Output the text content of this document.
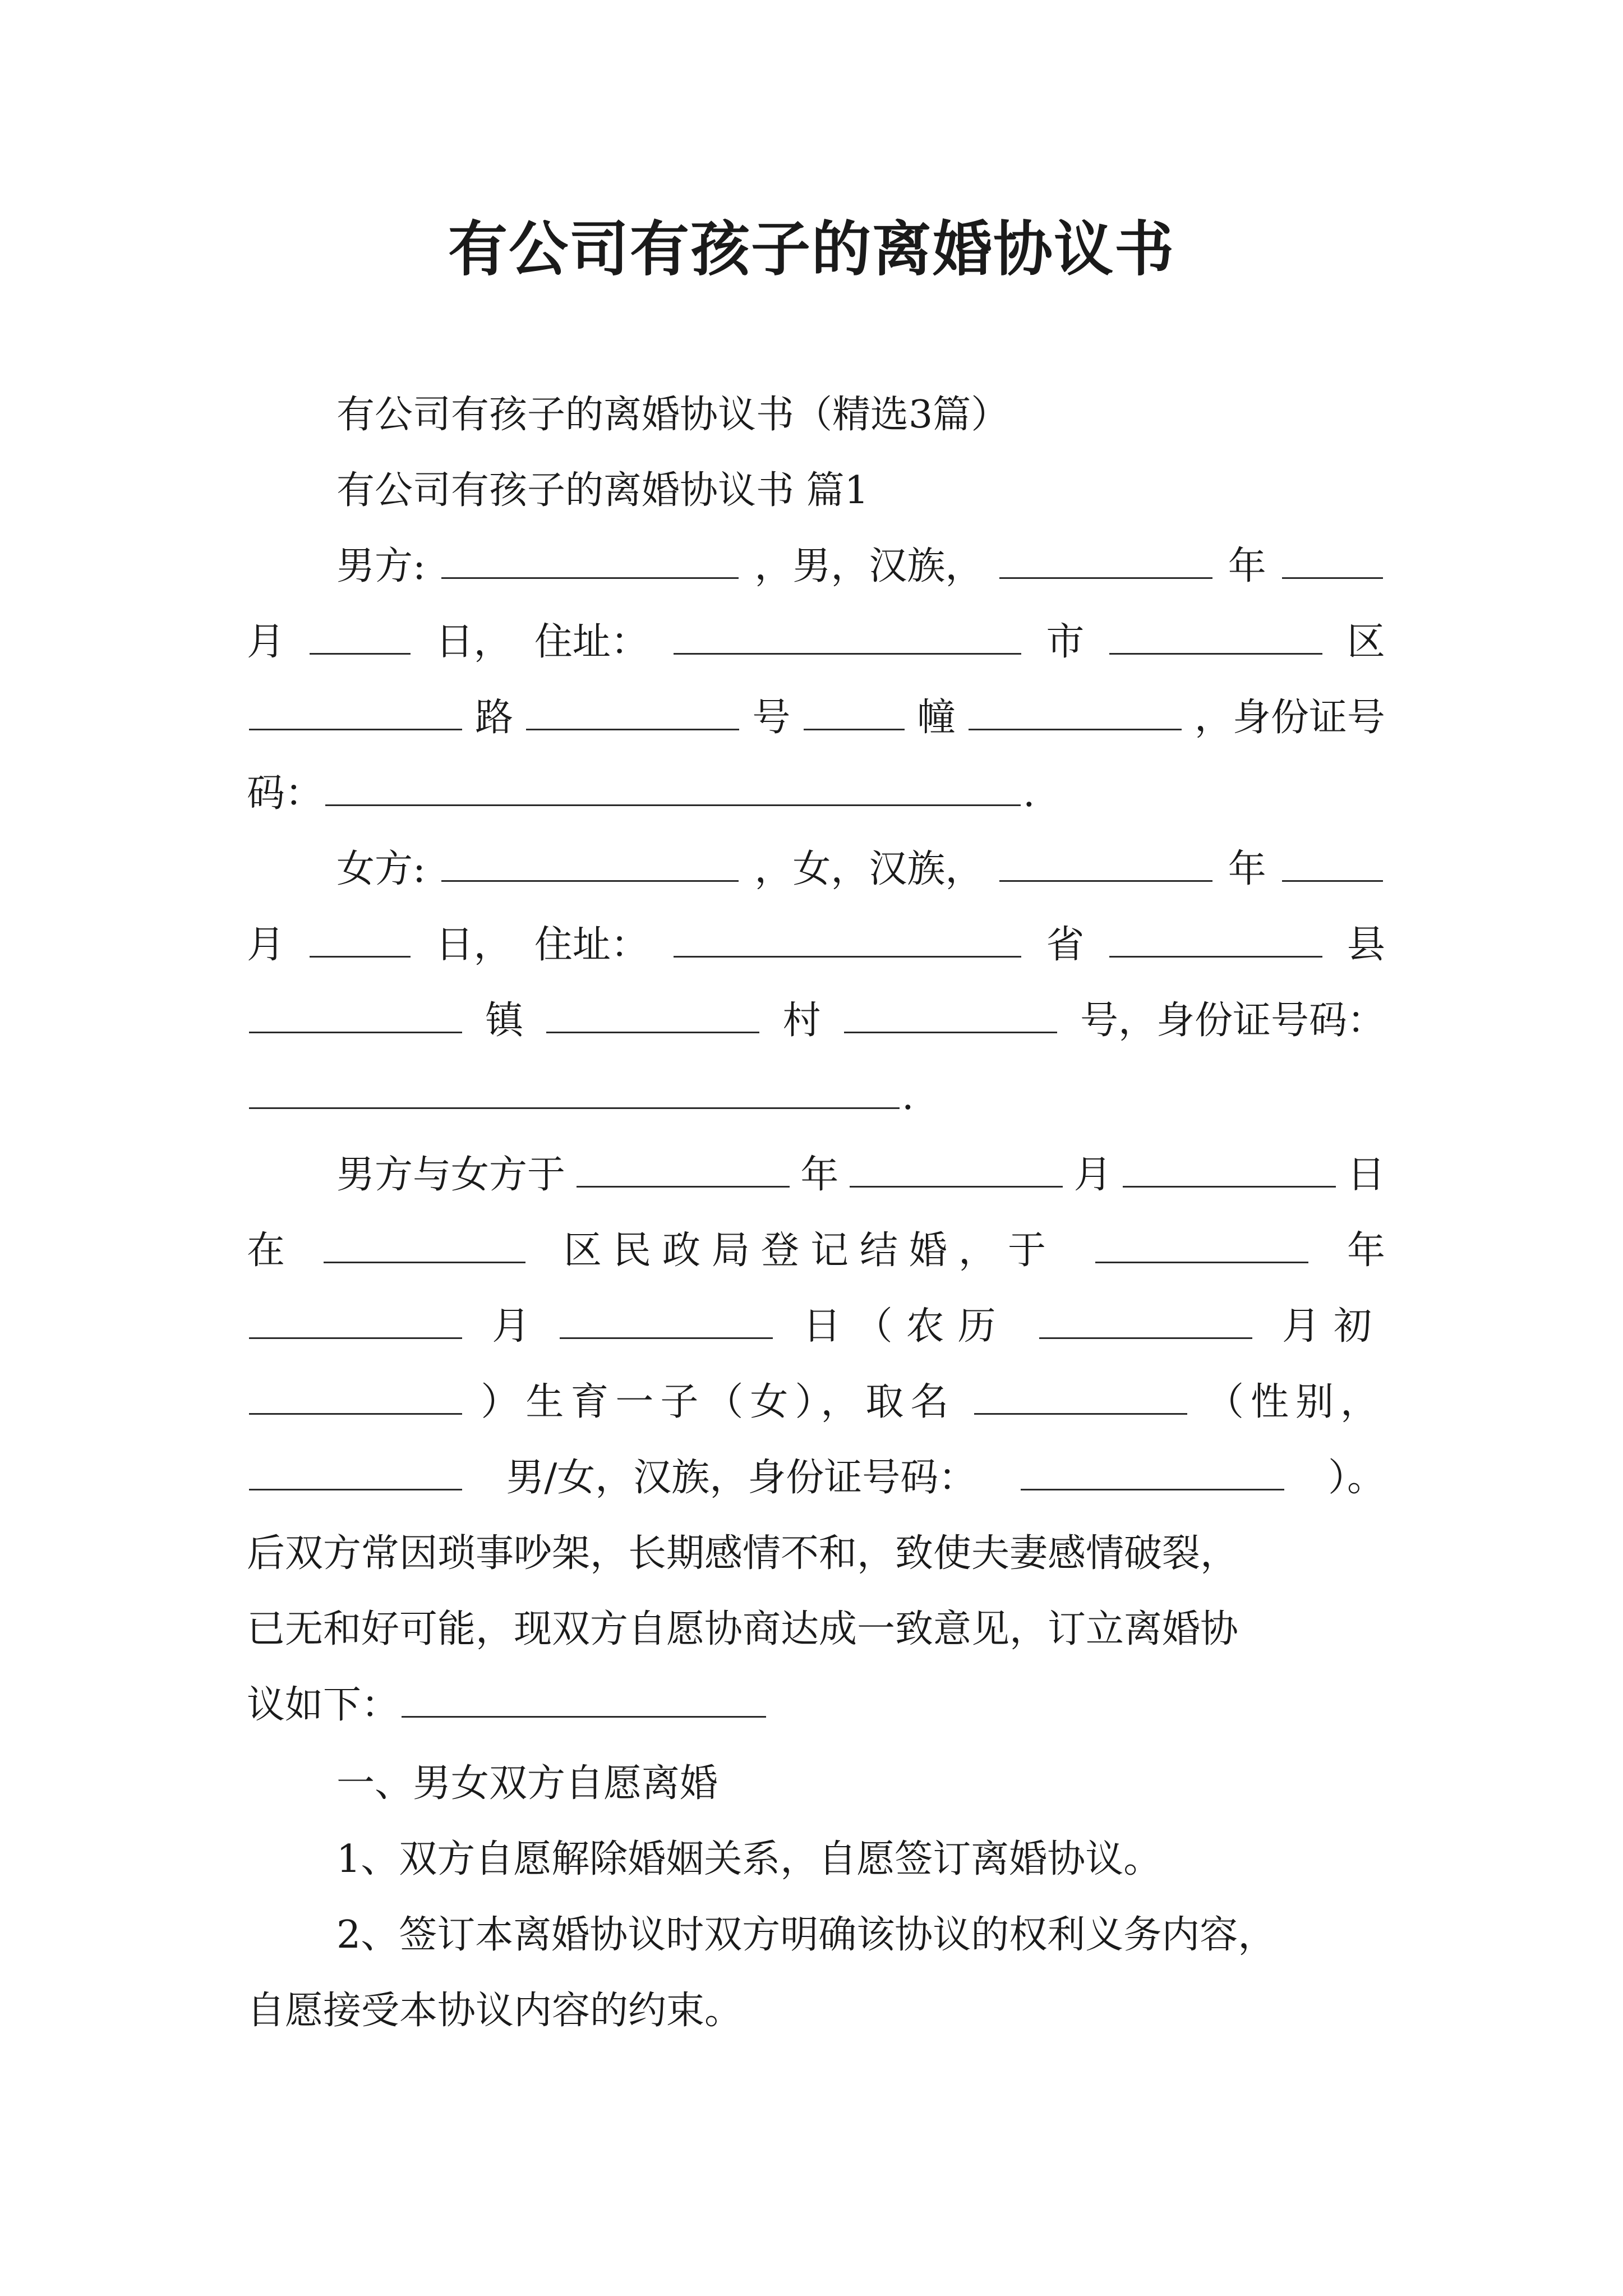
有公司有孩子的离婚协议书
有公司有孩子的离婚协议书（精选3篇）
有公司有孩子的离婚协议书 篇1
男方:	，男，汉族，	年
月	日， 住址：	市	区
路	号	幢	，身份证号
码：	.
女方:	，女，汉族，	年
月	日， 住址：	省	县
镇	村	号，身份证号码：
.
男方与女方于	年	月	日
在	区民政局登记结婚，于	年
月	日（农历	月初
）生育一子（女），取名	（性别，
男/女，汉族，身份证号码：	）。
后双方常因琐事吵架，长期感情不和，致使夫妻感情破裂，
已无和好可能，现双方自愿协商达成一致意见，订立离婚协
议如下：
一、男女双方自愿离婚
1、双方自愿解除婚姻关系，自愿签订离婚协议。
2、签订本离婚协议时双方明确该协议的权利义务内容，
自愿接受本协议内容的约束。
